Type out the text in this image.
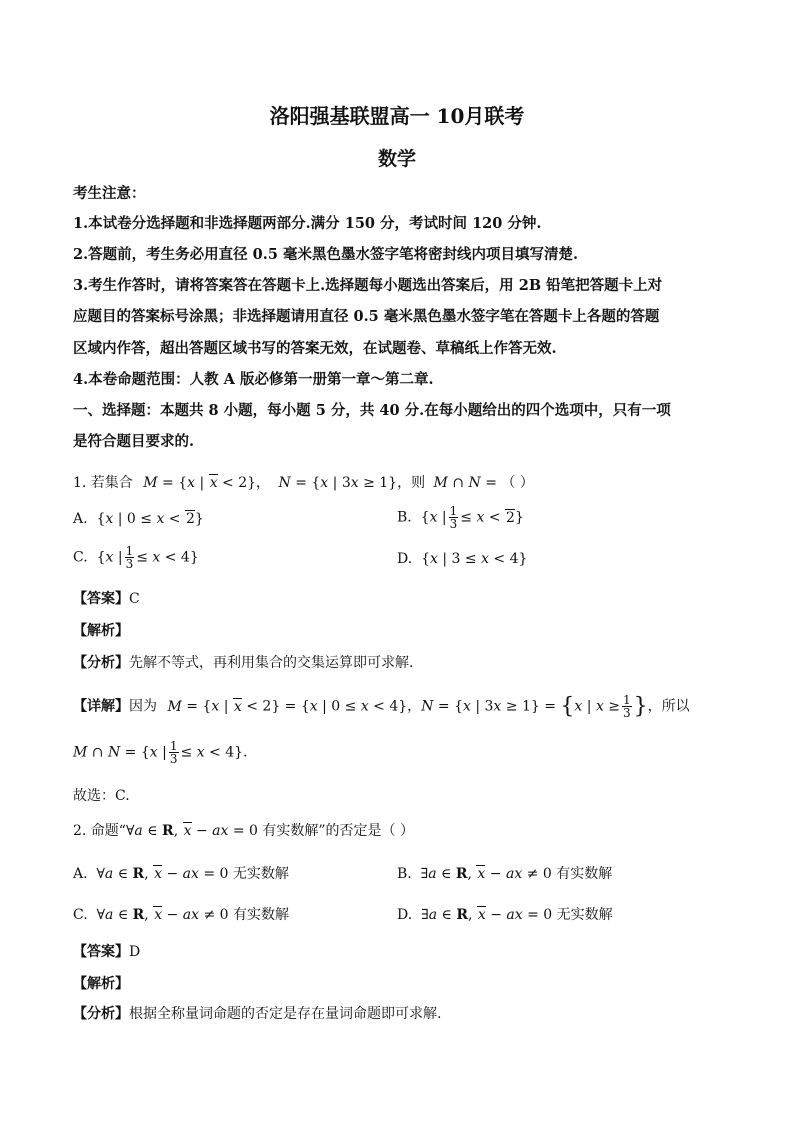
洛阳强基联盟高一 10月联考
数学
考生注意：
1.本试卷分选择题和非选择题两部分.满分 150 分，考试时间 120 分钟.
2.答题前，考生务必用直径 0.5 毫米黑色墨水签字笔将密封线内项目填写清楚.
3.考生作答时，请将答案答在答题卡上.选择题每小题选出答案后，用 2B 铅笔把答题卡上对
应题目的答案标号涂黑；非选择题请用直径 0.5 毫米黑色墨水签字笔在答题卡上各题的答题
区域内作答，超出答题区域书写的答案无效，在试题卷、草稿纸上作答无效.
4.本卷命题范围：人教 A 版必修第一册第一章～第二章.
一、选择题：本题共 8 小题，每小题 5 分，共 40 分.在每小题给出的四个选项中，只有一项
是符合题目要求的.
1. 若集合 M = {x | x < 2}， N = {x | 3x ≥ 1}，则 M ∩ N = （ ）
A.  {x | 0 ≤ x < 2}	B.  {x | $\frac{1}{3} \le x < 2$}
C.  {x | $\frac{1}{3} \le x < 4$}	D.  {x | 3 ≤ x < 4}
【答案】C
【解析】
【分析】先解不等式，再利用集合的交集运算即可求解.
【详解】因为 M = {x | x < 2} = {x | 0 ≤ x < 4}，N = {x | 3x ≥ 1} = {x | $x \ge \frac{1}{3}$ }，所以
M ∩ N = {x | $\frac{1}{3} \le x < 4$}.
故选：C.
2. 命题“∀a ∈ R, x − ax = 0 有实数解”的否定是（ ）
A.  ∀a ∈ R, x − ax = 0 无实数解	B.  ∃a ∈ R, x − ax ≠ 0 有实数解
C.  ∀a ∈ R, x − ax ≠ 0 有实数解	D.  ∃a ∈ R, x − ax = 0 无实数解
【答案】D
【解析】
【分析】根据全称量词命题的否定是存在量词命题即可求解.
